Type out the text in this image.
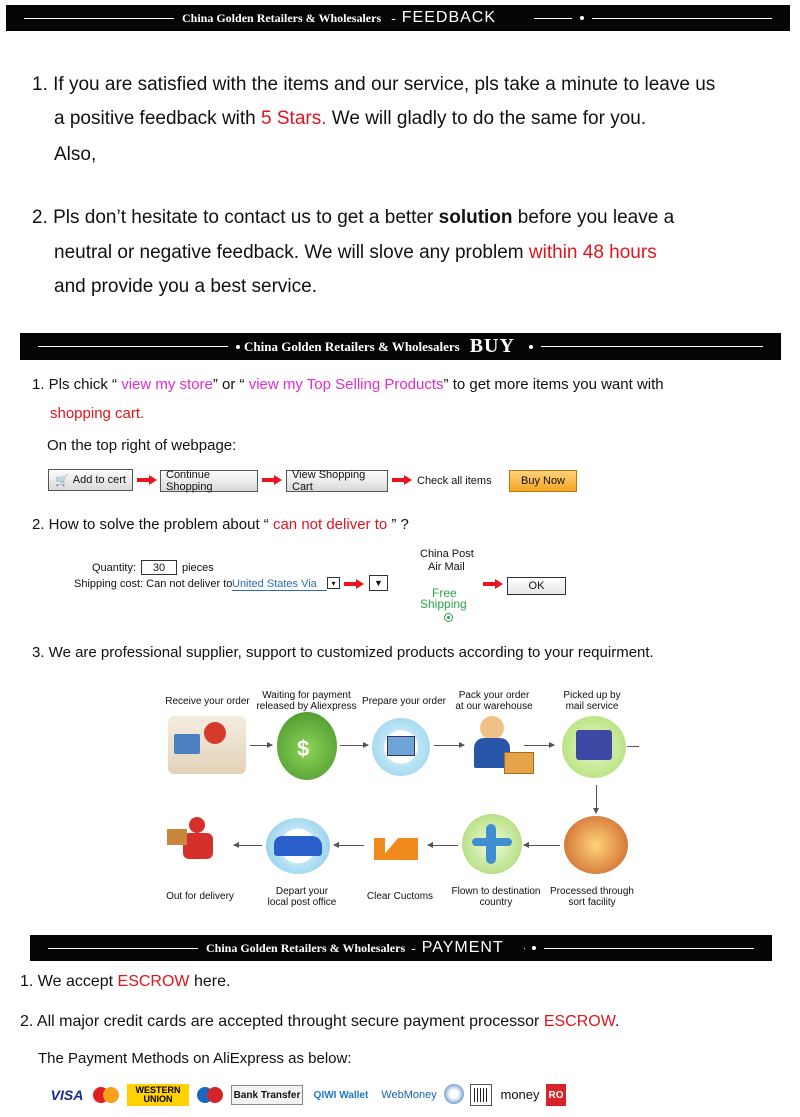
China Golden Retailers & Wholesalers - FEEDBACK
1. If you are satisfied with the items and our service, pls take a minute to leave us
a positive feedback with 5 Stars. We will gladly to do the same for you.
Also,
2. Pls don’t hesitate to contact us to get a better solution before you leave a
neutral or negative feedback. We will slove any problem within 48 hours
and provide you a best service.
China Golden Retailers & Wholesalers BUY
1. Pls chick “ view my store” or “ view my Top Selling Products” to get more items you want with
shopping cart.
On the top right of webpage:
🛒 Add to cert	Continue Shopping
View Shopping Cart	Check all items	Buy Now
2. How to solve the problem about “ can not deliver to ” ?
Quantity:	30	pieces
Shipping cost: Can not deliver to United States Via	▾	▼
China Post
Air Mail
Free
Shipping
OK
3. We are professional supplier, support to customized products according to your requirment.
Receive your order
Waiting for payment
released by Aliexpress Prepare your order
Pack your order
at our warehouse
Picked up by
mail service
$
Out for delivery	Depart your
local post office
Clear Cuctoms	Flown to destination
country
Processed through
sort facility
China Golden Retailers & Wholesalers - PAYMENT
1. We accept ESCROW here.
2. All major credit cards are accepted throught secure payment processor ESCROW.
The Payment Methods on AliExpress as below:
VISA	WESTERN UNION	Bank Transfer	QIWI Wallet	WebMoney	money RO
